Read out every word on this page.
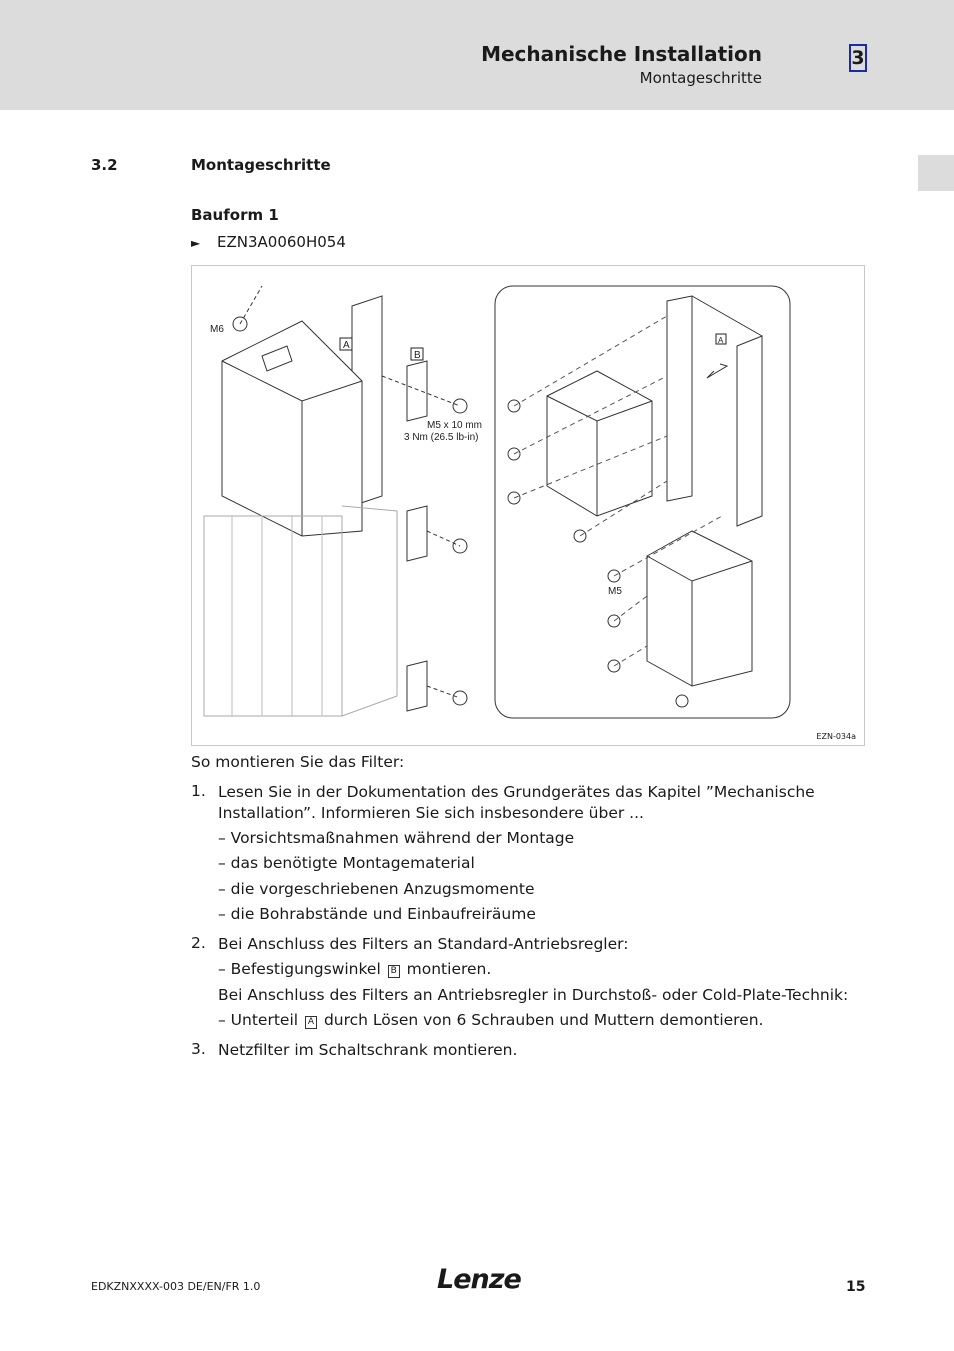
Mechanische Installation
Montageschritte
3
3.2	Montageschritte
Bauform 1
► EZN3A0060H054
M6
A
B
M5 x 10 mm
3 Nm (26.5 lb-in)
A
M5
EZN-034a
So montieren Sie das Filter:
1. Lesen Sie in der Dokumentation des Grundgerätes das Kapitel ”Mechanische
Installation”. Informieren Sie sich insbesondere über ...
– Vorsichtsmaßnahmen während der Montage
– das benötigte Montagematerial
– die vorgeschriebenen Anzugsmomente
– die Bohrabstände und Einbaufreiräume
2. Bei Anschluss des Filters an Standard-Antriebsregler:
– Befestigungswinkel B montieren.
Bei Anschluss des Filters an Antriebsregler in Durchstoß- oder Cold-Plate-Technik:
– Unterteil A durch Lösen von 6 Schrauben und Muttern demontieren.
3. Netzfilter im Schaltschrank montieren.
EDKZNXXXX-003 DE/EN/FR 1.0	Lenze	15
